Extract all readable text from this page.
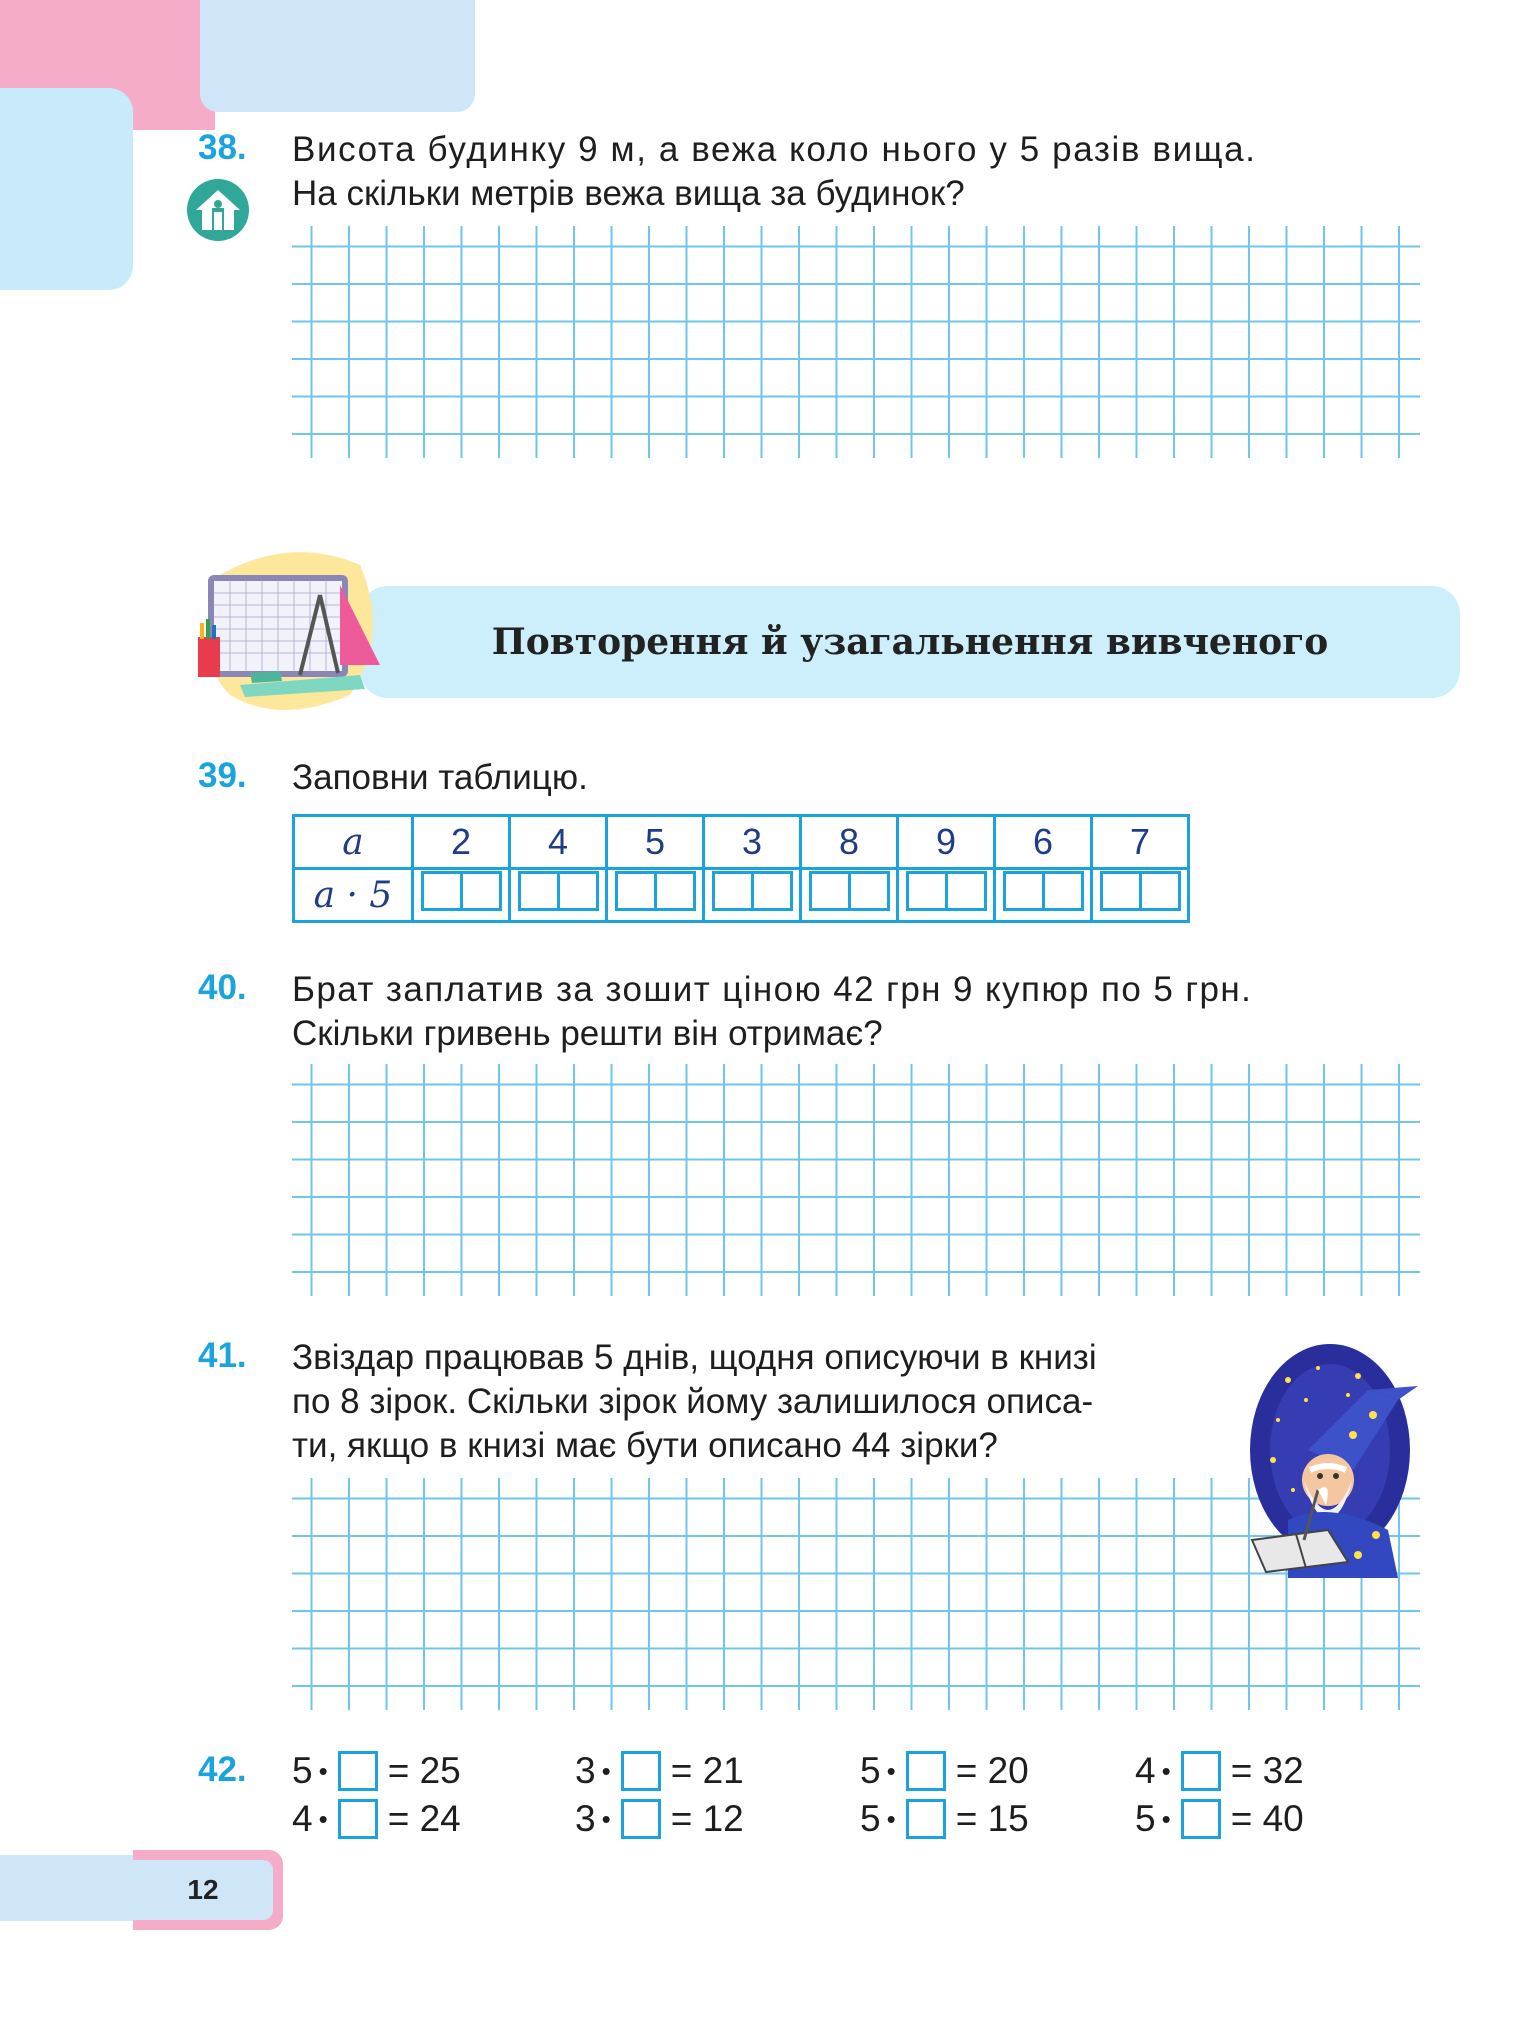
38. Висота будинку 9 м, а вежа коло нього у 5 разів вища.
На скільки метрів вежа вища за будинок?
Повторення й узагальнення вивченого
39. Заповни таблицю.
a	2	4	5	3	8	9	6	7
a · 5	

40. Брат заплатив за зошит ціною 42 грн 9 купюр по 5 грн.
Скільки гривень решти він отримає?
41. Звіздар працював 5 днів, щодня описуючи в книзі
по 8 зірок. Скільки зірок йому залишилося описа-
ти, якщо в книзі має бути описано 44 зірки?
42. 5 • = 25	3 • = 21	5 • = 20	4 • = 32
4 • = 24	3 • = 12	5 • = 15	5 • = 40
12
